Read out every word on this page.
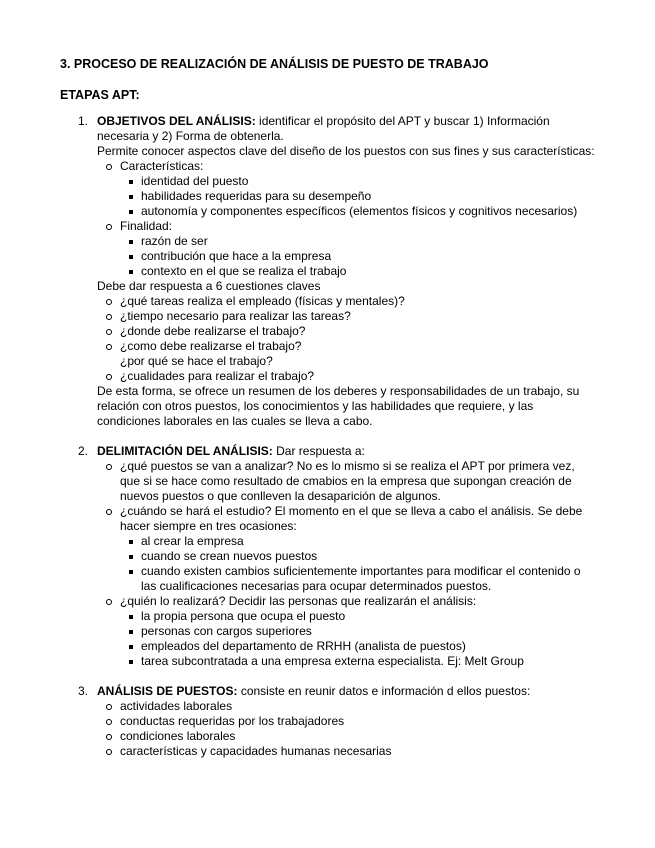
3. PROCESO DE REALIZACIÓN DE ANÁLISIS DE PUESTO DE TRABAJO

ETAPAS APT:

1. OBJETIVOS DEL ANÁLISIS: identificar el propósito del APT y buscar 1) Información necesaria y 2) Forma de obtenerla.

Permite conocer aspectos clave del diseño de los puestos con sus fines y sus características:

Características:
identidad del puesto
habilidades requeridas para su desempeño
autonomía y componentes específicos (elementos físicos y cognitivos necesarios)
Finalidad:
razón de ser
contribución que hace a la empresa
contexto en el que se realiza el trabajo

Debe dar respuesta a 6 cuestiones claves

¿qué tareas realiza el empleado (físicas y mentales)?
¿tiempo necesario para realizar las tareas?
¿donde debe realizarse el trabajo?
¿como debe realizarse el trabajo?
¿por qué se hace el trabajo?
¿cualidades para realizar el trabajo?

De esta forma, se ofrece un resumen de los deberes y responsabilidades de un trabajo, su relación con otros puestos, los conocimientos y las habilidades que requiere, y las condiciones laborales en las cuales se lleva a cabo.

2. DELIMITACIÓN DEL ANÁLISIS: Dar respuesta a:

¿qué puestos se van a analizar? No es lo mismo si se realiza el APT por primera vez, que si se hace como resultado de cmabios en la empresa que supongan creación de nuevos puestos o que conlleven la desaparición de algunos.
¿cuándo se hará el estudio? El momento en el que se lleva a cabo el análisis. Se debe hacer siempre en tres ocasiones:
al crear la empresa
cuando se crean nuevos puestos
cuando existen cambios suficientemente importantes para modificar el contenido o las cualificaciones necesarias para ocupar determinados puestos.
¿quién lo realizará? Decidir las personas que realizarán el análisis:
la propia persona que ocupa el puesto
personas con cargos superiores
empleados del departamento de RRHH (analista de puestos)
tarea subcontratada a una empresa externa especialista. Ej: Melt Group
3. ANÁLISIS DE PUESTOS: consiste en reunir datos e información d ellos puestos:

actividades laborales
conductas requeridas por los trabajadores
condiciones laborales
características y capacidades humanas necesarias
